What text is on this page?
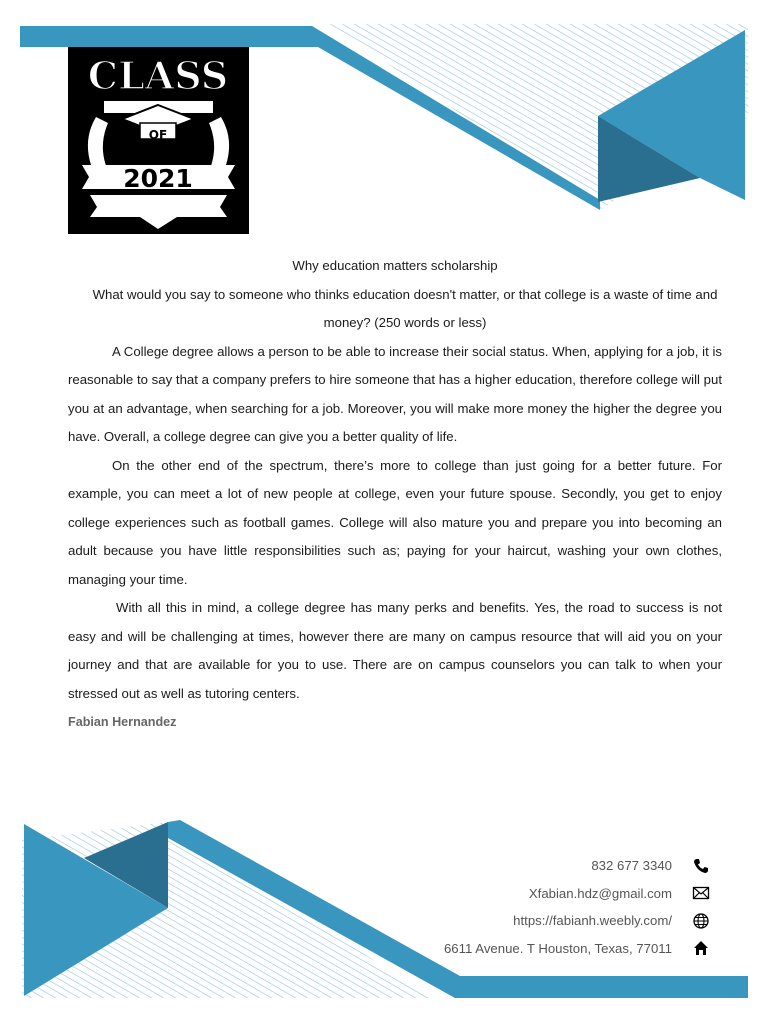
CLASS
OF
2021

Why education matters scholarship

What would you say to someone who thinks education doesn't matter, or that college is a waste of time and money? (250 words or less)

A College degree allows a person to be able to increase their social status. When, applying for a job, it is reasonable to say that a company prefers to hire someone that has a higher education, therefore college will put you at an advantage, when searching for a job. Moreover, you will make more money the higher the degree you have. Overall, a college degree can give you a better quality of life.

On the other end of the spectrum, there’s more to college than just going for a better future. For example, you can meet a lot of new people at college, even your future spouse. Secondly, you get to enjoy college experiences such as football games. College will also mature you and prepare you into becoming an adult because you have little responsibilities such as; paying for your haircut, washing your own clothes, managing your time.

With all this in mind, a college degree has many perks and benefits. Yes, the road to success is not easy and will be challenging at times, however there are many on campus resource that will aid you on your journey and that are available for you to use. There are on campus counselors you can talk to when your stressed out as well as tutoring centers.

Fabian Hernandez

832 677 3340
Xfabian.hdz@gmail.com
https://fabianh.weebly.com/
6611 Avenue. T Houston, Texas, 77011
